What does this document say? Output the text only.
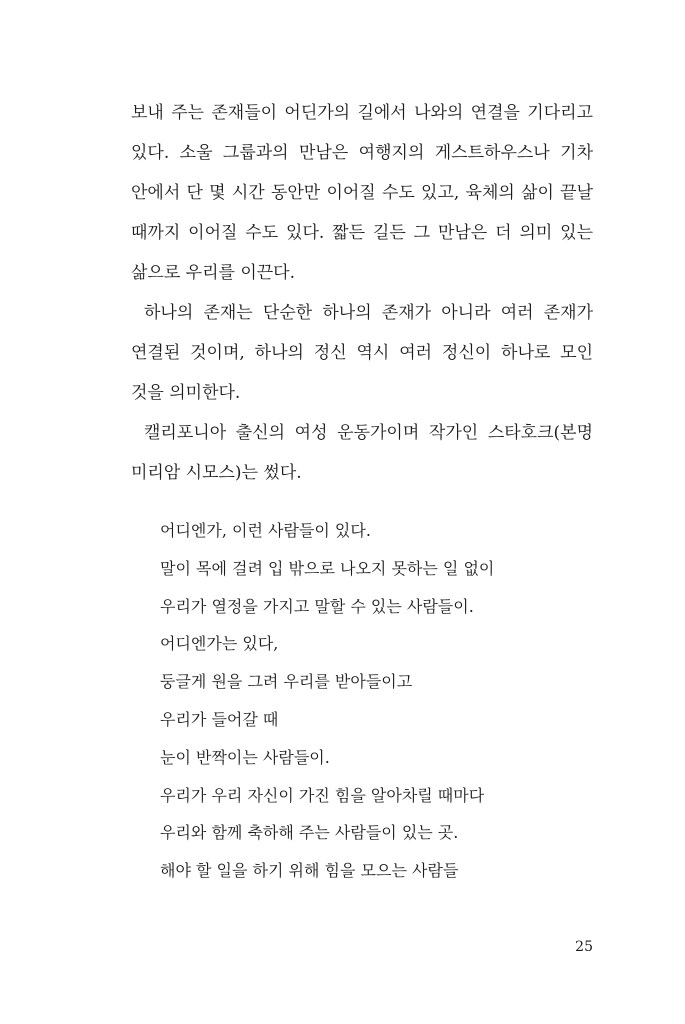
보내 주는 존재들이 어딘가의 길에서 나와의 연결을 기다리고 있다. 소울 그룹과의 만남은 여행지의 게스트하우스나 기차 안에서 단 몇 시간 동안만 이어질 수도 있고, 육체의 삶이 끝날 때까지 이어질 수도 있다. 짧든 길든 그 만남은 더 의미 있는 삶으로 우리를 이끈다.

하나의 존재는 단순한 하나의 존재가 아니라 여러 존재가 연결된 것이며, 하나의 정신 역시 여러 정신이 하나로 모인 것을 의미한다.

캘리포니아 출신의 여성 운동가이며 작가인 스타호크(본명 미리암 시모스)는 썼다.

어디엔가, 이런 사람들이 있다.

말이 목에 걸려 입 밖으로 나오지 못하는 일 없이

우리가 열정을 가지고 말할 수 있는 사람들이.

어디엔가는 있다,

둥글게 원을 그려 우리를 받아들이고

우리가 들어갈 때

눈이 반짝이는 사람들이.

우리가 우리 자신이 가진 힘을 알아차릴 때마다

우리와 함께 축하해 주는 사람들이 있는 곳.

해야 할 일을 하기 위해 힘을 모으는 사람들

25
